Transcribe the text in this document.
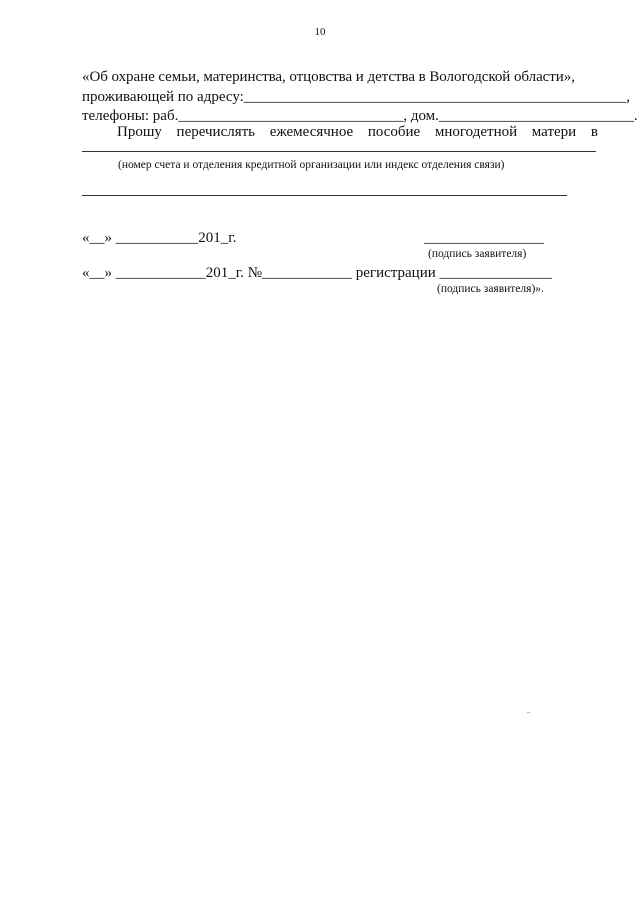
10
«Об охране семьи, материнства, отцовства и детства в Вологодской области»,
проживающей по адресу:___________________________________________________,
телефоны: раб.______________________________, дом.__________________________.
Прошу перечислять ежемесячное пособие многодетной матери в
(номер счета и отделения кредитной организации или индекс отделения связи)
«__» ___________201_г.	________________
(подпись заявителя)
«__» ____________201_г. №____________ регистрации _______________
(подпись заявителя)».
